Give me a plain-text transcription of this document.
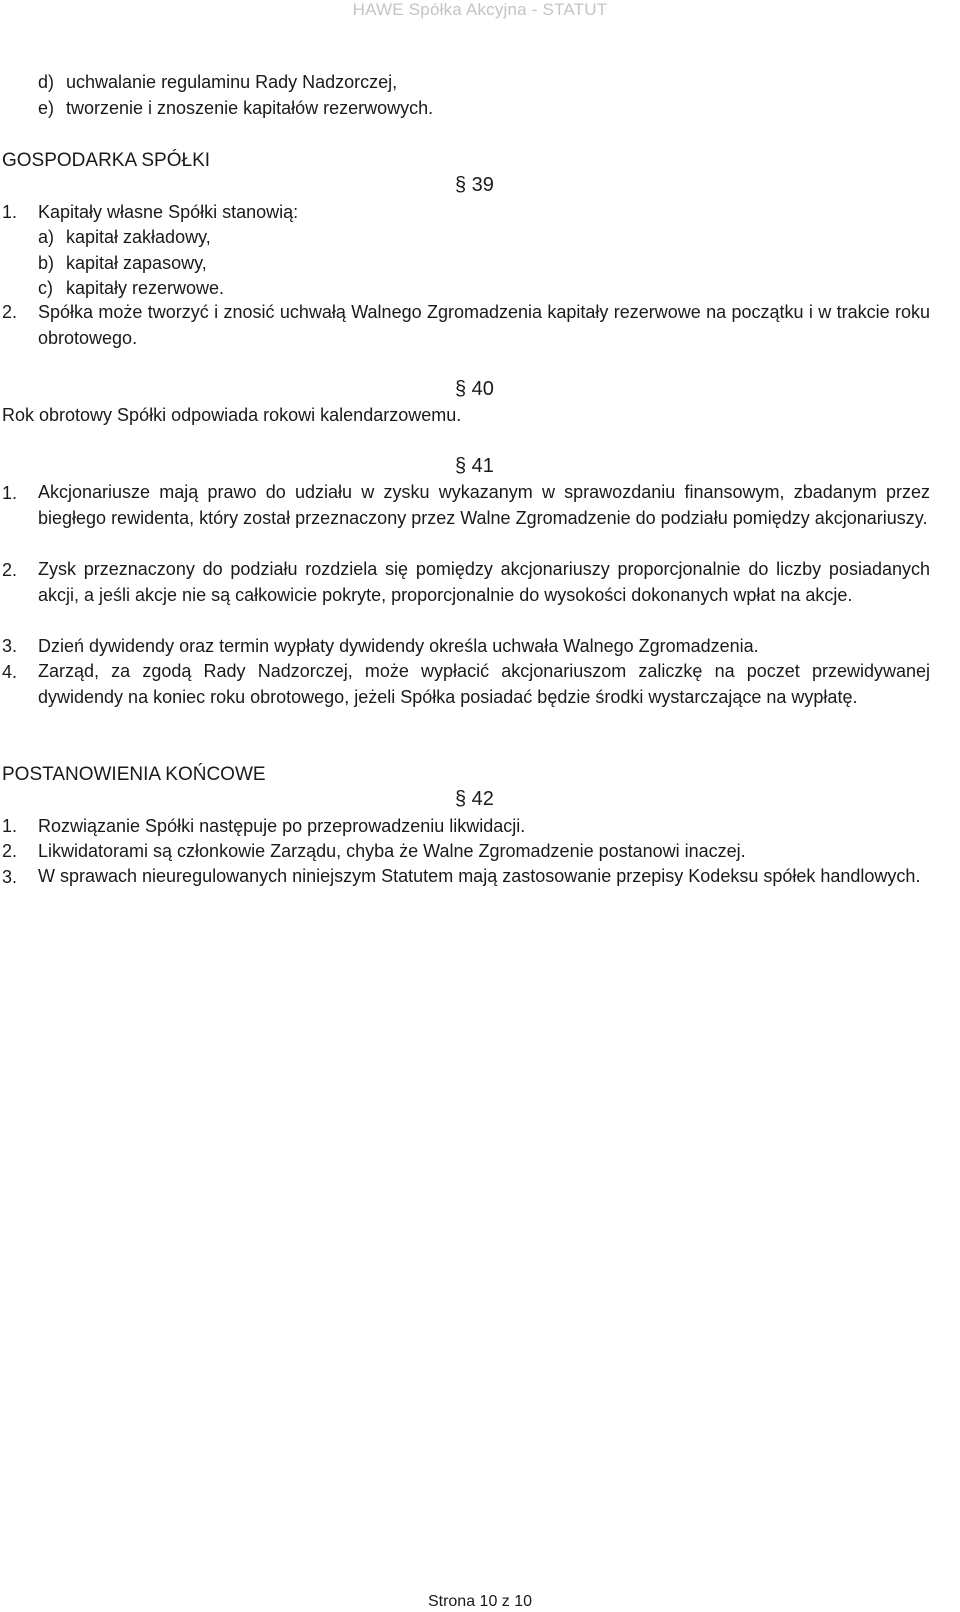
HAWE Spółka Akcyjna - STATUT
d) uchwalanie regulaminu Rady Nadzorczej,
e) tworzenie i znoszenie kapitałów rezerwowych.
GOSPODARKA SPÓŁKI
§ 39
1. Kapitały własne Spółki stanowią:
a) kapitał zakładowy,
b) kapitał zapasowy,
c) kapitały rezerwowe.
2. Spółka może tworzyć i znosić uchwałą Walnego Zgromadzenia kapitały rezerwowe na początku i w trakcie roku obrotowego.
§ 40
Rok obrotowy Spółki odpowiada rokowi kalendarzowemu.
§ 41
1. Akcjonariusze mają prawo do udziału w zysku wykazanym w sprawozdaniu finansowym, zbadanym przez biegłego rewidenta, który został przeznaczony przez Walne Zgromadzenie do podziału pomiędzy akcjonariuszy.
2. Zysk przeznaczony do podziału rozdziela się pomiędzy akcjonariuszy proporcjonalnie do liczby posiadanych akcji, a jeśli akcje nie są całkowicie pokryte, proporcjonalnie do wysokości dokonanych wpłat na akcje.
3. Dzień dywidendy oraz termin wypłaty dywidendy określa uchwała Walnego Zgromadzenia.
4. Zarząd, za zgodą Rady Nadzorczej, może wypłacić akcjonariuszom zaliczkę na poczet przewidywanej dywidendy na koniec roku obrotowego, jeżeli Spółka posiadać będzie środki wystarczające na wypłatę.
POSTANOWIENIA KOŃCOWE
§ 42
1. Rozwiązanie Spółki następuje po przeprowadzeniu likwidacji.
2. Likwidatorami są członkowie Zarządu, chyba że Walne Zgromadzenie postanowi inaczej.
3. W sprawach nieuregulowanych niniejszym Statutem mają zastosowanie przepisy Kodeksu spółek handlowych.
Strona 10 z 10
